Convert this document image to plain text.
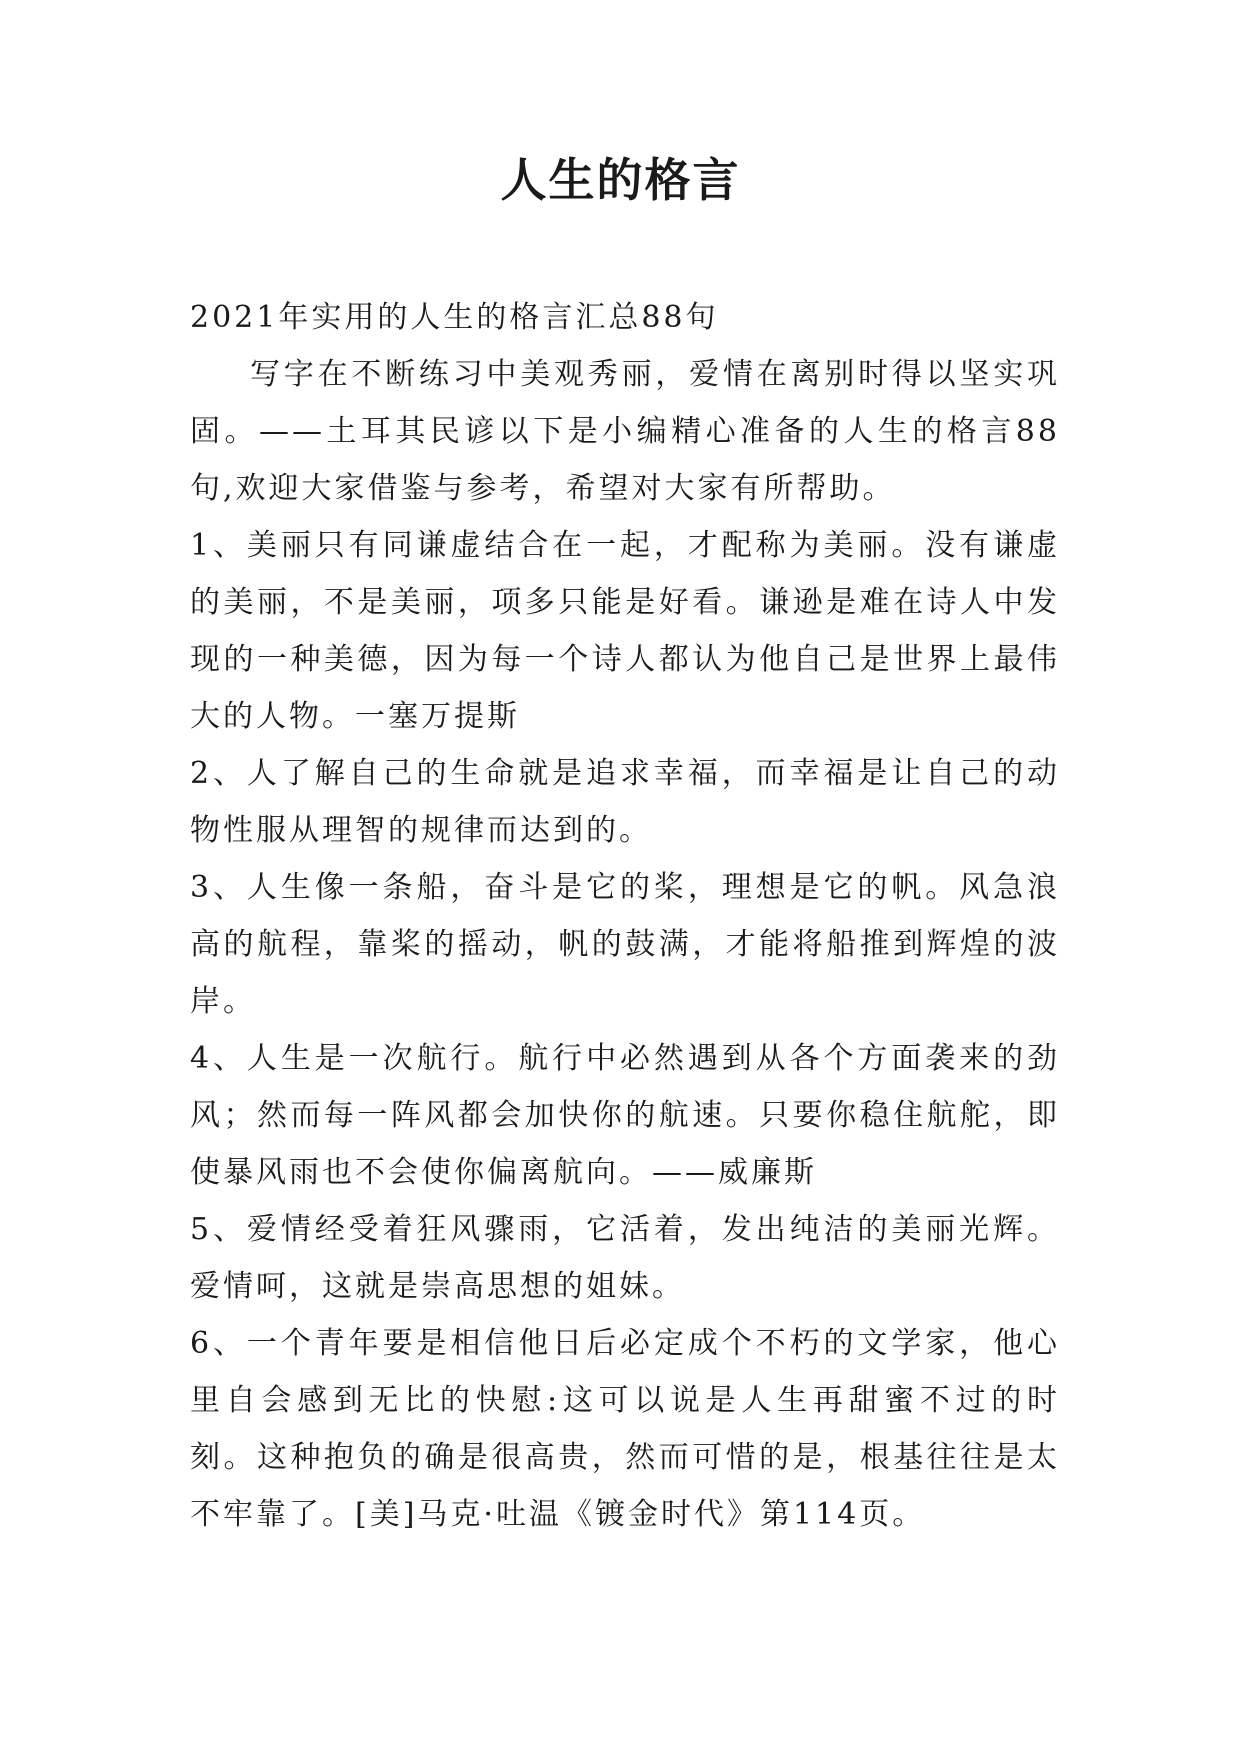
人生的格言

2021年实用的人生的格言汇总88句

写字在不断练习中美观秀丽，爱情在离别时得以坚实巩固。——土耳其民谚以下是小编精心准备的人生的格言88句,欢迎大家借鉴与参考，希望对大家有所帮助。

1、美丽只有同谦虚结合在一起，才配称为美丽。没有谦虚的美丽，不是美丽，项多只能是好看。谦逊是难在诗人中发现的一种美德，因为每一个诗人都认为他自己是世界上最伟大的人物。一塞万提斯

2、人了解自己的生命就是追求幸福，而幸福是让自己的动物性服从理智的规律而达到的。

3、人生像一条船，奋斗是它的桨，理想是它的帆。风急浪高的航程，靠桨的摇动，帆的鼓满，才能将船推到辉煌的波岸。

4、人生是一次航行。航行中必然遇到从各个方面袭来的劲风；然而每一阵风都会加快你的航速。只要你稳住航舵，即使暴风雨也不会使你偏离航向。——威廉斯

5、爱情经受着狂风骤雨，它活着，发出纯洁的美丽光辉。爱情呵，这就是崇高思想的姐妹。

6、一个青年要是相信他日后必定成个不朽的文学家，他心里自会感到无比的快慰:这可以说是人生再甜蜜不过的时刻。这种抱负的确是很高贵，然而可惜的是，根基往往是太不牢靠了。[美]马克·吐温《镀金时代》第114页。
